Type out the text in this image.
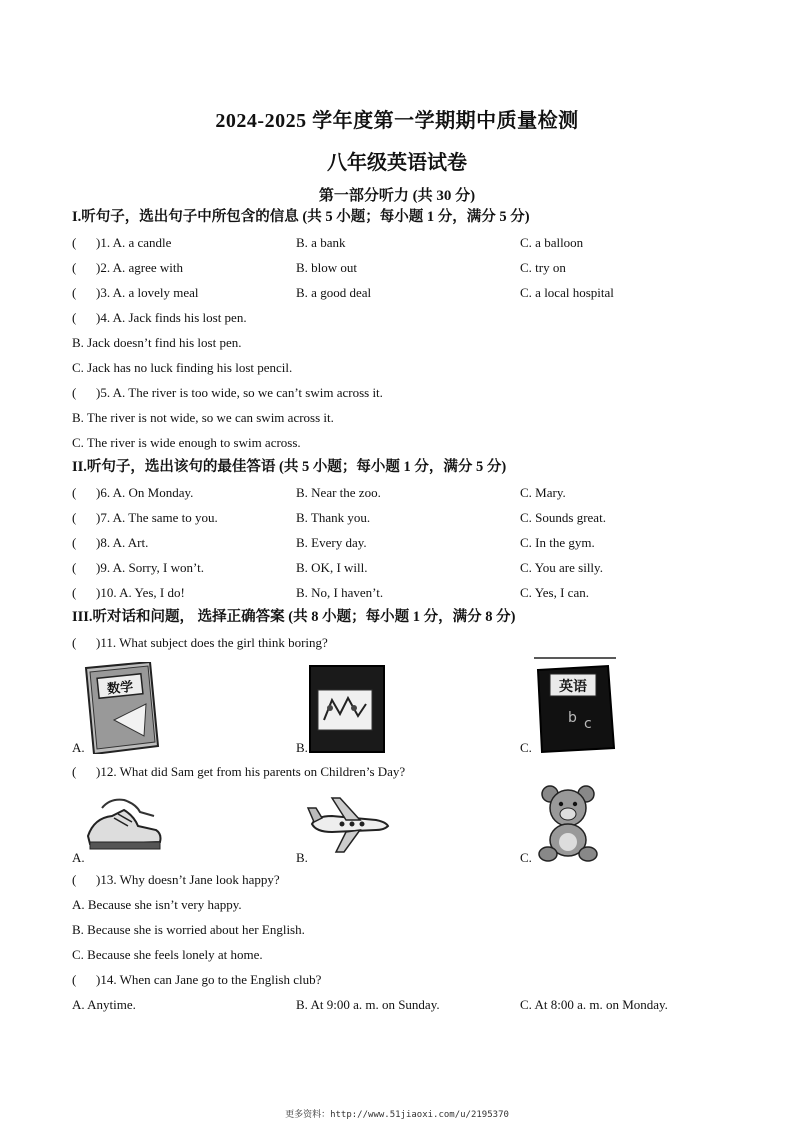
2024-2025 学年度第一学期期中质量检测
八年级英语试卷
第一部分听力 (共 30 分)
I.听句子，选出句子中所包含的信息 (共 5 小题；每小题 1 分，满分 5 分)
( )1. A. a candle	B. a bank	C. a balloon
( )2. A. agree with	B. blow out	C. try on
( )3. A. a lovely meal	B. a good deal	C. a local hospital
( )4. A. Jack finds his lost pen.
B. Jack doesn’t find his lost pen.
C. Jack has no luck finding his lost pencil.
( )5. A. The river is too wide, so we can’t swim across it.
B. The river is not wide, so we can swim across it.
C. The river is wide enough to swim across.
II.听句子，选出该句的最佳答语 (共 5 小题；每小题 1 分，满分 5 分)
( )6. A. On Monday.	B. Near the zoo.	C. Mary.
( )7. A. The same to you.	B. Thank you.	C. Sounds great.
( )8. A. Art.	B. Every day.	C. In the gym.
( )9. A. Sorry, I won’t.	B. OK, I will.	C. You are silly.
( )10. A. Yes, I do!	B. No, I haven’t.	C. Yes, I can.
III.听对话和问题， 选择正确答案 (共 8 小题；每小题 1 分，满分 8 分)
( )11. What subject does the girl think boring?
A.
数学
B.	C.
英语
b c
( )12. What did Sam get from his parents on Children’s Day?
A.	B.	C.
( )13. Why doesn’t Jane look happy?
A. Because she isn’t very happy.
B. Because she is worried about her English.
C. Because she feels lonely at home.
( )14. When can Jane go to the English club?
A. Anytime.	B. At 9:00 a. m. on Sunday.	C. At 8:00 a. m. on Monday.
更多资料：http://www.51jiaoxi.com/u/2195370
